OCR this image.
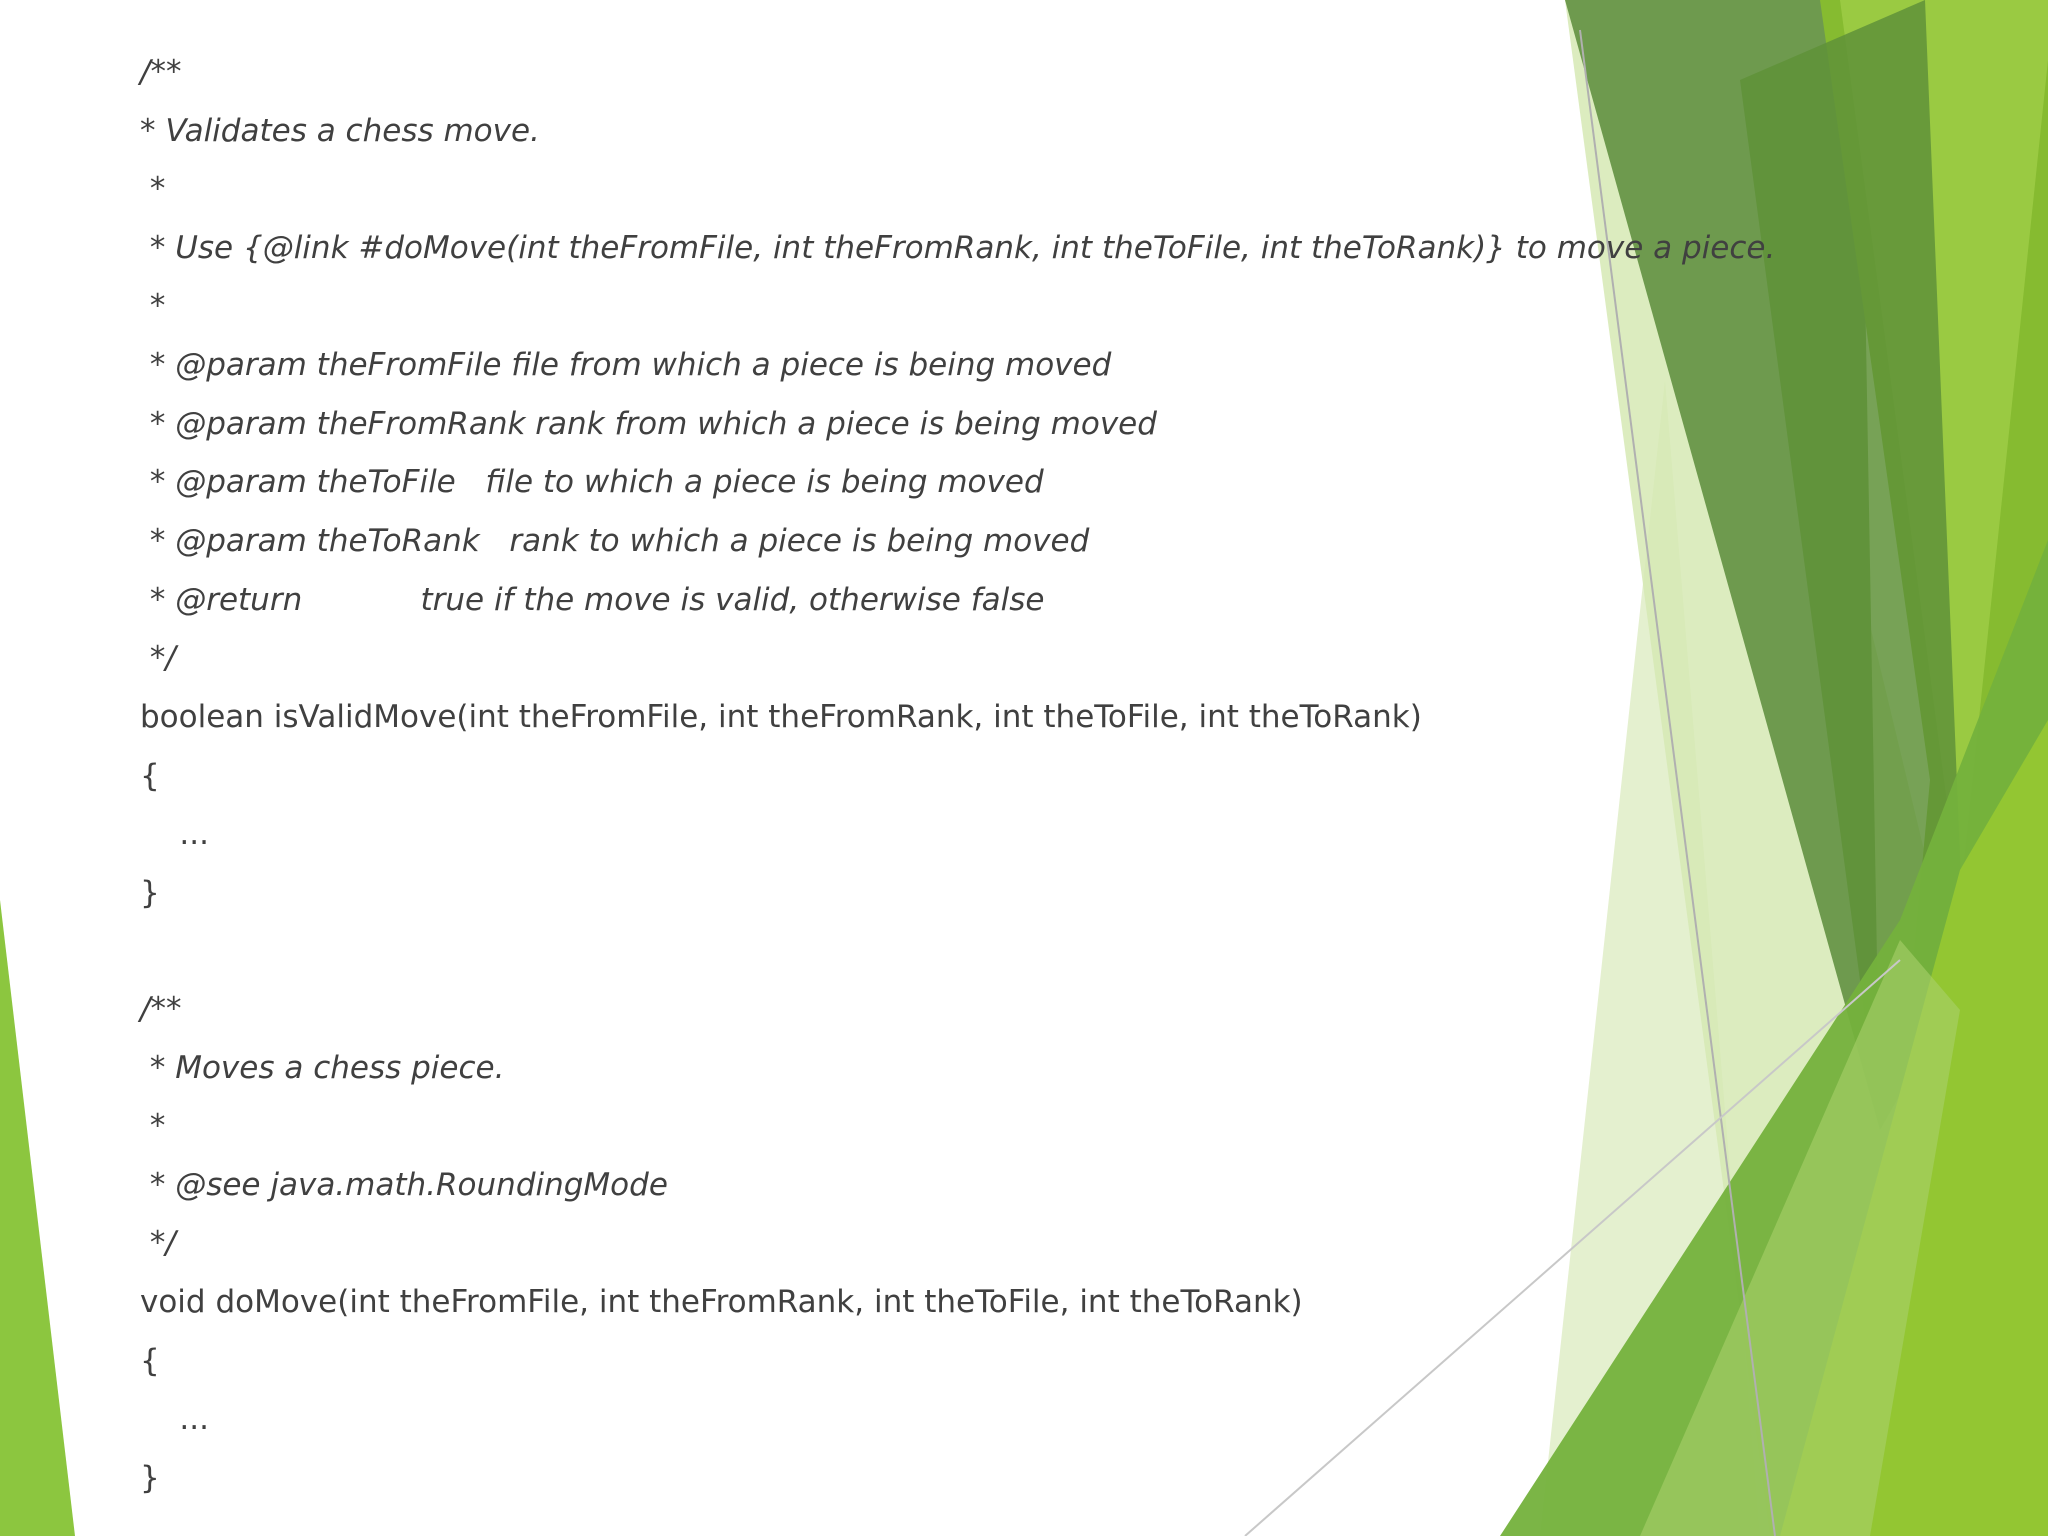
/**
* Validates a chess move.
*
* Use {@link #doMove(int theFromFile, int theFromRank, int theToFile, int theToRank)} to move a piece.
*
* @param theFromFile file from which a piece is being moved
* @param theFromRank rank from which a piece is being moved
* @param theToFile   file to which a piece is being moved
* @param theToRank   rank to which a piece is being moved
* @return            true if the move is valid, otherwise false
*/
boolean isValidMove(int theFromFile, int theFromRank, int theToFile, int theToRank)
{
...
}
/**
* Moves a chess piece.
*
* @see java.math.RoundingMode
*/
void doMove(int theFromFile, int theFromRank, int theToFile, int theToRank)
{
...
}
